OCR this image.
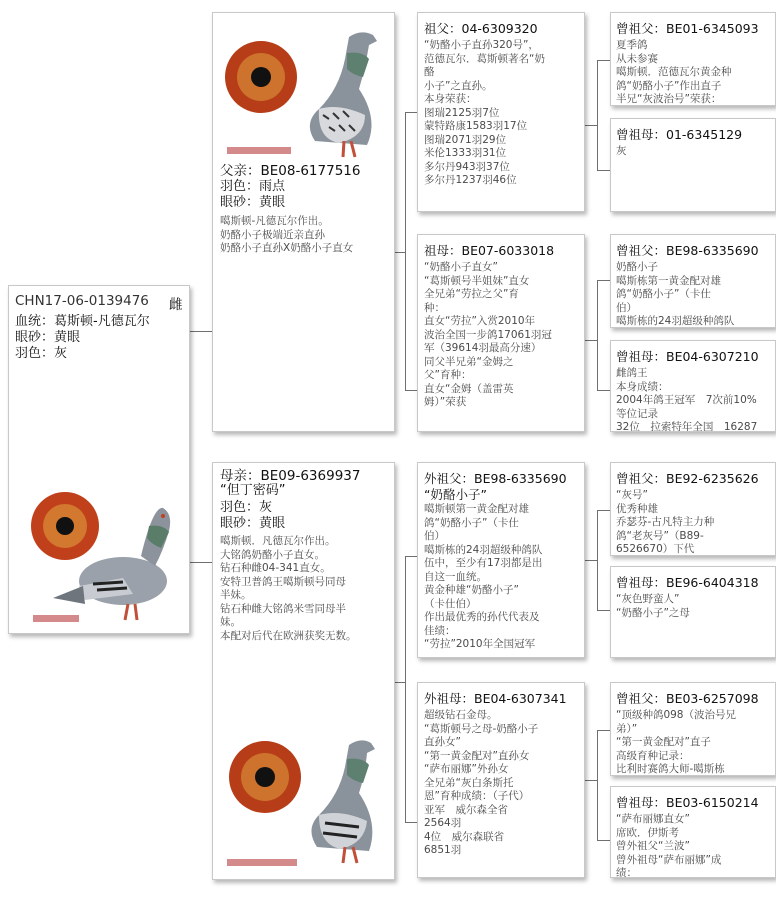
CHN17-06-0139476 雌
血统：葛斯顿-凡德瓦尔
眼砂：黄眼
羽色：灰
父亲：BE08-6177516
羽色：雨点
眼砂：黄眼
噶斯顿-凡德瓦尔作出。
奶酪小子极端近亲直孙
奶酪小子直孙X奶酪小子直女
母亲：BE09-6369937
“但丁密码”
羽色：灰
眼砂：黄眼
噶斯顿．凡德瓦尔作出。
大铭鸽奶酪小子直女。
钻石种雌04-341直女。
安特卫普鸽王噶斯顿号同母
半妹。
钻石种雌大铭鸽米雪同母半
妹。
本配对后代在欧洲获奖无数。
祖父：04-6309320
“奶酪小子直孙320号”，
范德瓦尔．葛斯顿著名“奶
酪
小子”之直孙。
本身荣获：
图瑞2125羽7位
蒙特路康1583羽17位
图瑞2071羽29位
米伦1333羽31位
多尔丹943羽37位
多尔丹1237羽46位
祖母：BE07-6033018
“奶酪小子直女”
“葛斯顿号半姐妹”直女
全兄弟“劳拉之父”育
种：
直女“劳拉”入赏2010年
波治全国一步鸽17061羽冠
军（39614羽最高分速）
同父半兄弟“金姆之
父”育种：
直女“金姆（盖雷英
姆）”荣获
外祖父：BE98-6335690
“奶酪小子”
噶斯顿第一黄金配对雄
鸽“奶酪小子”（卡仕
伯）
噶斯栋的24羽超级种鸽队
伍中，至少有17羽都是出
自这一血统。
黄金种雄“奶酪小子”
（卡仕伯）
作出最优秀的孙代代表及
佳绩：
“劳拉”2010年全国冠军
外祖母：BE04-6307341
超级钻石金母。
“葛斯顿号之母-奶酪小子
直孙女”
“第一黄金配对”直孙女
“萨布丽娜”外孙女
全兄弟“灰白条斯托
恩”育种成绩：（子代）
亚军　威尔森全省
2564羽
4位　威尔森联省
6851羽
曾祖父：BE01-6345093
夏季鸽
从未参赛
噶斯顿．范德瓦尔黄金种
鸽“奶酪小子”作出直子
半兄“灰波治号”荣获：
曾祖母：01-6345129
灰
曾祖父：BE98-6335690
奶酪小子
噶斯栋第一黄金配对雄
鸽“奶酪小子”（卡仕
伯）
噶斯栋的24羽超级种鸽队
曾祖母：BE04-6307210
雌鸽王
本身成绩：
2004年鸽王冠军　7次前10%
等位记录
32位　拉索特年全国　16287
曾祖父：BE92-6235626
“灰号”
优秀种雄
乔瑟芬-古凡特主力种
鸽“老灰号”（B89-
6526670）下代
曾祖母：BE96-6404318
“灰色野蛮人”
“奶酪小子”之母
曾祖父：BE03-6257098
“顶级种鸽098（波治号兄
弟）”
“第一黄金配对”直子
高级育种记录：
比利时赛鸽大师-噶斯栋
曾祖母：BE03-6150214
“萨布丽娜直女”
席欧．伊斯考
曾外祖父“兰波”
曾外祖母“萨布丽娜”成
绩：
